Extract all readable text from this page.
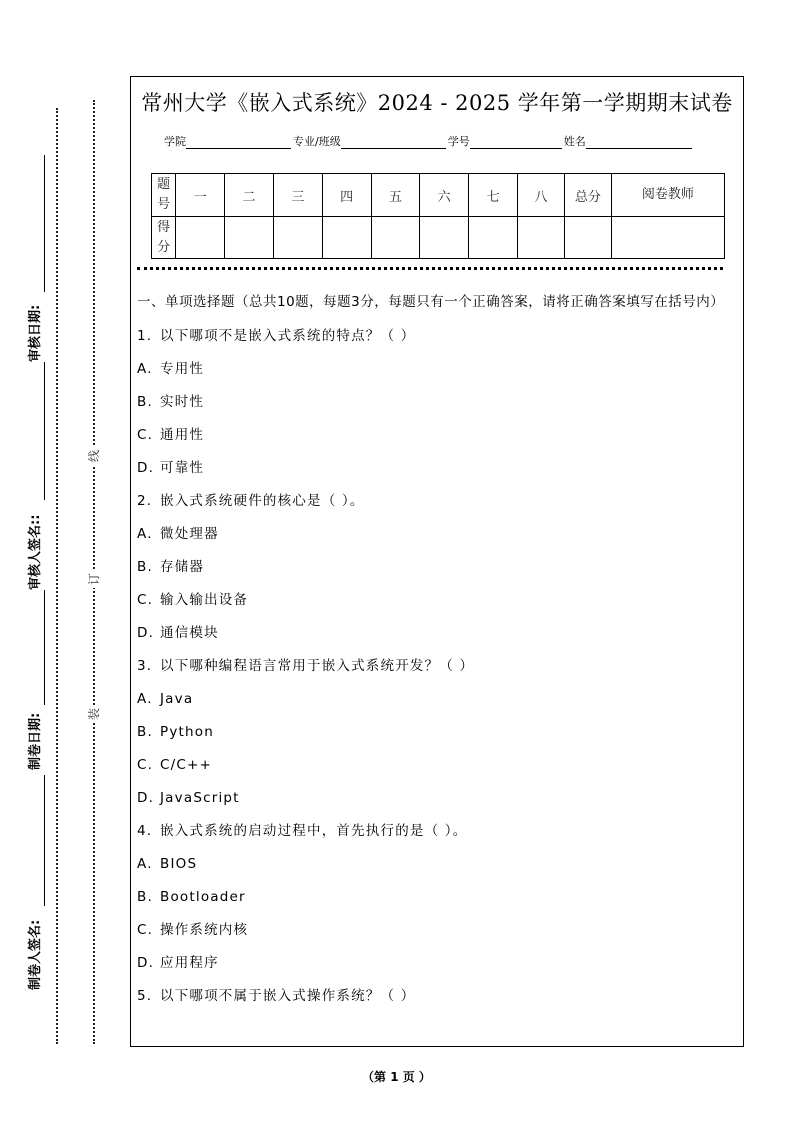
线
订
装
审核日期:
审核人签名::
制卷日期:
制卷人签名:
常州大学《嵌入式系统》2024 - 2025 学年第一学期期末试卷
学院	专业/班级	学号	姓名
题号	一	二	三	四	五	六	七	八	总分	阅卷教师
得分										
一、单项选择题（总共10题，每题3分，每题只有一个正确答案，请将正确答案填写在括号内）
1. 以下哪项不是嵌入式系统的特点？（ ）
A. 专用性
B. 实时性
C. 通用性
D. 可靠性
2. 嵌入式系统硬件的核心是（ ）。
A. 微处理器
B. 存储器
C. 输入输出设备
D. 通信模块
3. 以下哪种编程语言常用于嵌入式系统开发？（ ）
A. Java
B. Python
C. C/C++
D. JavaScript
4. 嵌入式系统的启动过程中，首先执行的是（ ）。
A. BIOS
B. Bootloader
C. 操作系统内核
D. 应用程序
5. 以下哪项不属于嵌入式操作系统？（ ）
（第 1 页 ）
